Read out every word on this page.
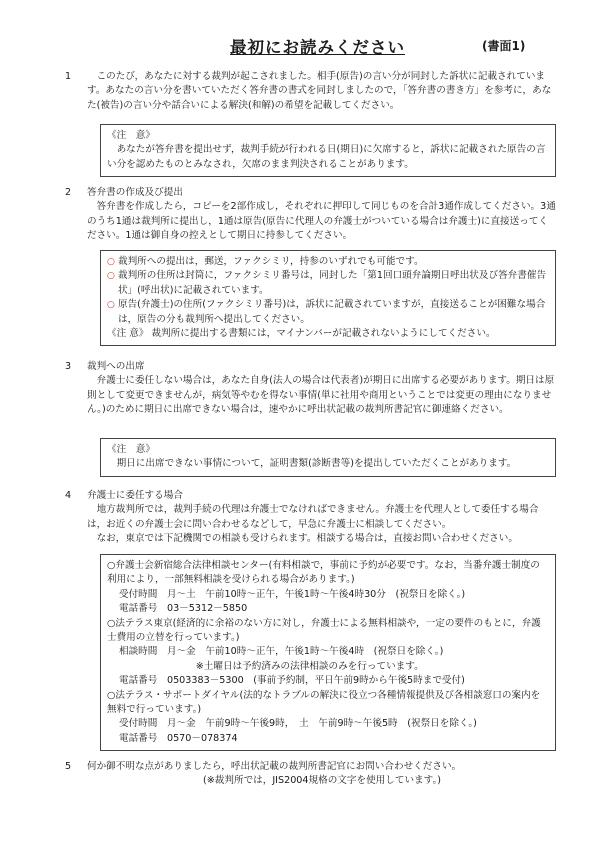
最初にお読みください	(書面1)
1 　このたび，あなたに対する裁判が起こされました。相手(原告)の言い分が同封した訴状に記載されています。あなたの言い分を書いていただく答弁書の書式を同封しましたので，「答弁書の書き方」を参考に，あなた(被告)の言い分や話合いによる解決(和解)の希望を記載してください。

《注　意》

　あなたが答弁書を提出せず，裁判手続が行われる日(期日)に欠席すると，訴状に記載された原告の言い分を認めたものとみなされ，欠席のまま判決されることがあります。

2 答弁書の作成及び提出

　答弁書を作成したら，コピーを2部作成し，それぞれに押印して同じものを合計3通作成してください。3通のうち1通は裁判所に提出し，1通は原告(原告に代理人の弁護士がついている場合は弁護士)に直接送ってください。1通は御自身の控えとして期日に持参してください。

○ 裁判所への提出は，郵送，ファクシミリ，持参のいずれでも可能です。
○ 裁判所の住所は封筒に，ファクシミリ番号は，同封した「第1回口頭弁論期日呼出状及び答弁書催告状」(呼出状)に記載されています。
○ 原告(弁護士)の住所(ファクシミリ番号)は，訴状に記載されていますが，直接送ることが困難な場合は，原告の分も裁判所へ提出してください。

《注 意》 裁判所に提出する書類には，マイナンバーが記載されないようにしてください。

3 裁判への出席

　弁護士に委任しない場合は，あなた自身(法人の場合は代表者)が期日に出席する必要があります。期日は原則として変更できませんが，病気等やむを得ない事情(単に社用や商用ということでは変更の理由になりません。)のために期日に出席できない場合は，速やかに呼出状記載の裁判所書記官に御連絡ください。

《注　意》

　期日に出席できない事情について，証明書類(診断書等)を提出していただくことがあります。

4 弁護士に委任する場合

　地方裁判所では，裁判手続の代理は弁護士でなければできません。弁護士を代理人として委任する場合は，お近くの弁護士会に問い合わせるなどして，早急に弁護士に相談してください。
　なお，東京では下記機関での相談も受けられます。相談する場合は，直接お問い合わせください。

○弁護士会新宿総合法律相談センター(有料相談で，事前に予約が必要です。なお，当番弁護士制度の利用により，一部無料相談を受けられる場合があります。)
受付時間　月～土　午前10時～正午，午後1時～午後4時30分　(祝祭日を除く。)
電話番号　03－5312－5850
○法テラス東京(経済的に余裕のない方に対し，弁護士による無料相談や，一定の要件のもとに，弁護士費用の立替を行っています。)
相談時間　月～金　午前10時～正午，午後1時～午後4時　(祝祭日を除く。)
　　　　　　　　※土曜日は予約済みの法律相談のみを行っています。
電話番号　0503383－5300　(事前予約制，平日午前9時から午後5時まで受付)
○法テラス・サポートダイヤル(法的なトラブルの解決に役立つ各種情報提供及び各相談窓口の案内を無料で行っています。)
受付時間　月～金　午前9時～午後9時，　土　午前9時～午後5時　(祝祭日を除く。)
電話番号　0570－078374
5 何か御不明な点がありましたら，呼出状記載の裁判所書記官にお問い合わせください。

(※裁判所では，JIS2004規格の文字を使用しています。)
